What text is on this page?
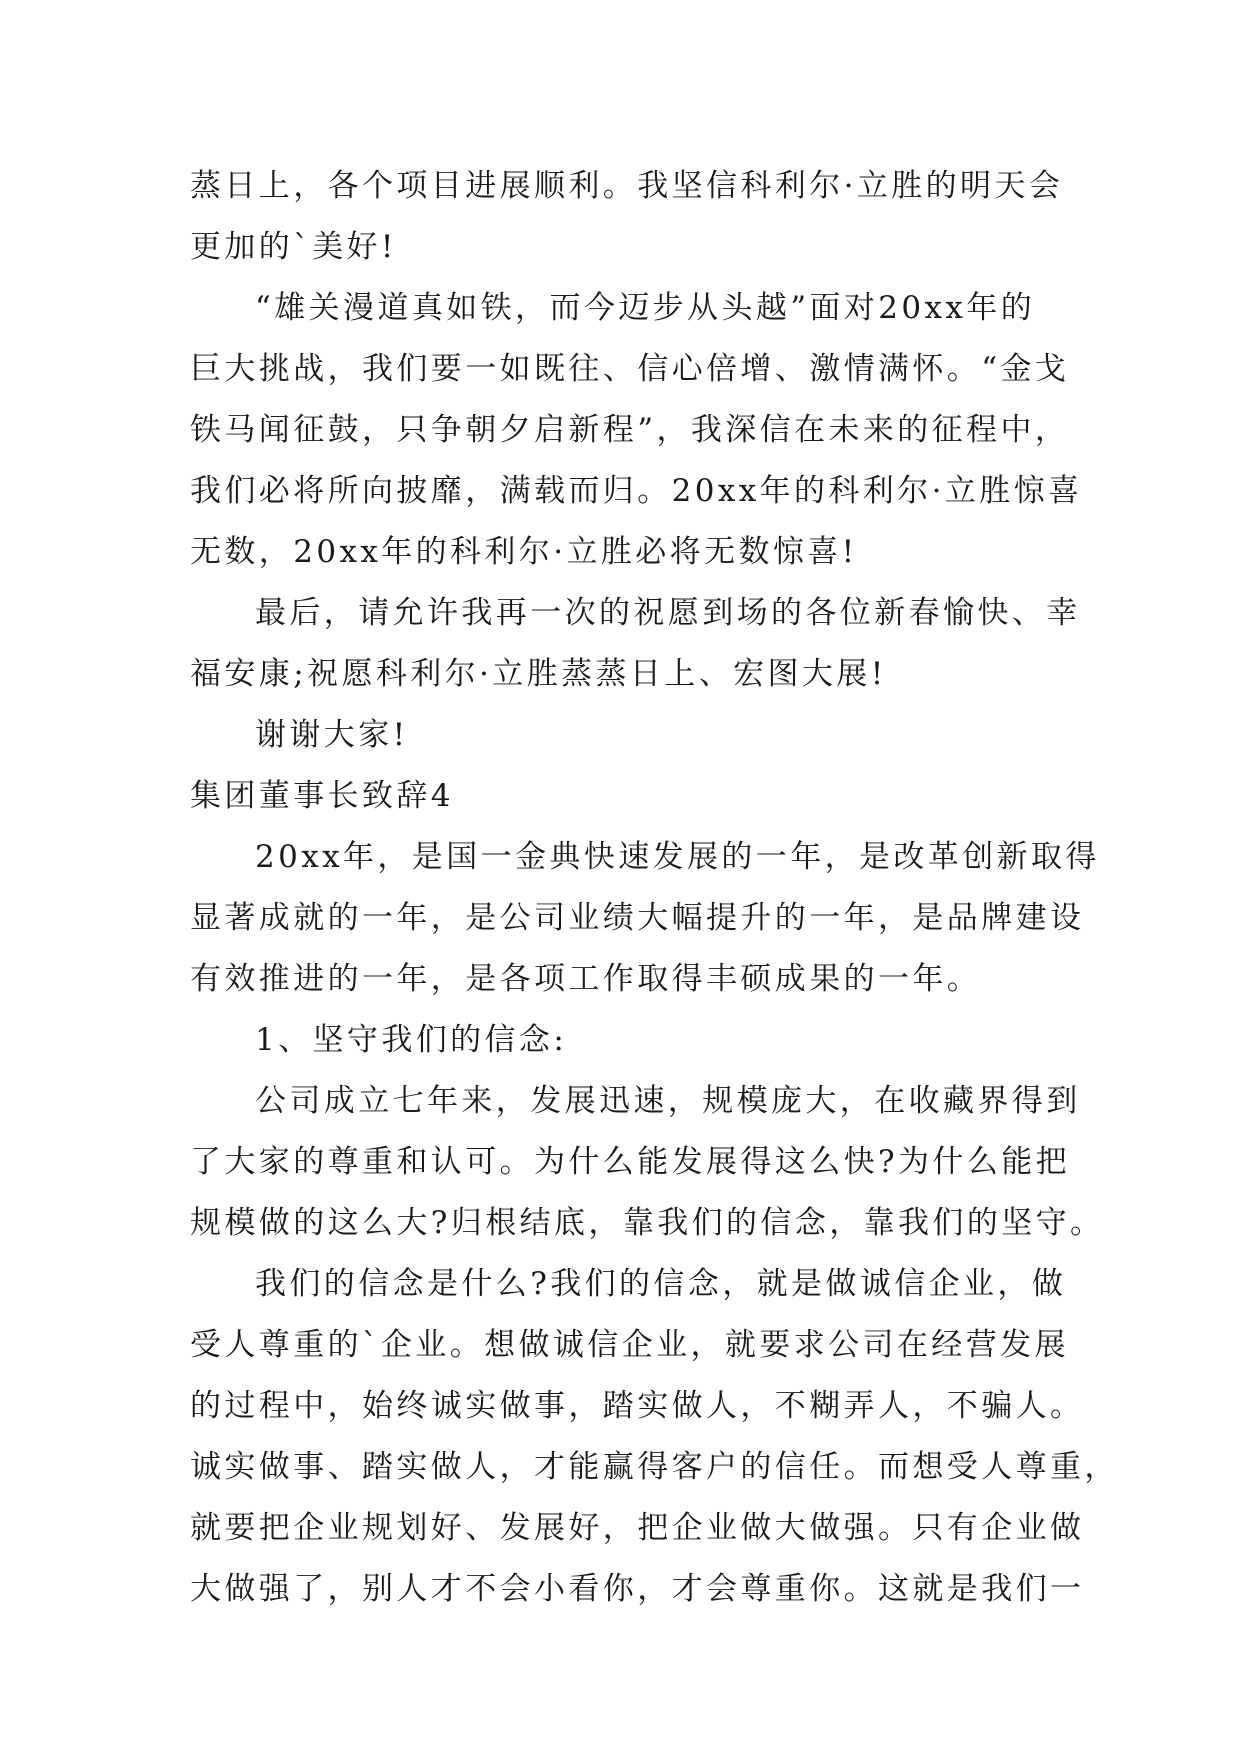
蒸日上，各个项目进展顺利。我坚信科利尔·立胜的明天会
更加的`美好!
“雄关漫道真如铁，而今迈步从头越”面对20xx年的
巨大挑战，我们要一如既往、信心倍增、激情满怀。“金戈
铁马闻征鼓，只争朝夕启新程”，我深信在未来的征程中，
我们必将所向披靡，满载而归。20xx年的科利尔·立胜惊喜
无数，20xx年的科利尔·立胜必将无数惊喜!
最后，请允许我再一次的祝愿到场的各位新春愉快、幸
福安康;祝愿科利尔·立胜蒸蒸日上、宏图大展!
谢谢大家!
集团董事长致辞4
20xx年，是国一金典快速发展的一年，是改革创新取得
显著成就的一年，是公司业绩大幅提升的一年，是品牌建设
有效推进的一年，是各项工作取得丰硕成果的一年。
1、坚守我们的信念:
公司成立七年来，发展迅速，规模庞大，在收藏界得到
了大家的尊重和认可。为什么能发展得这么快?为什么能把
规模做的这么大?归根结底，靠我们的信念，靠我们的坚守。
我们的信念是什么?我们的信念，就是做诚信企业，做
受人尊重的`企业。想做诚信企业，就要求公司在经营发展
的过程中，始终诚实做事，踏实做人，不糊弄人，不骗人。
诚实做事、踏实做人，才能赢得客户的信任。而想受人尊重，
就要把企业规划好、发展好，把企业做大做强。只有企业做
大做强了，别人才不会小看你，才会尊重你。这就是我们一
